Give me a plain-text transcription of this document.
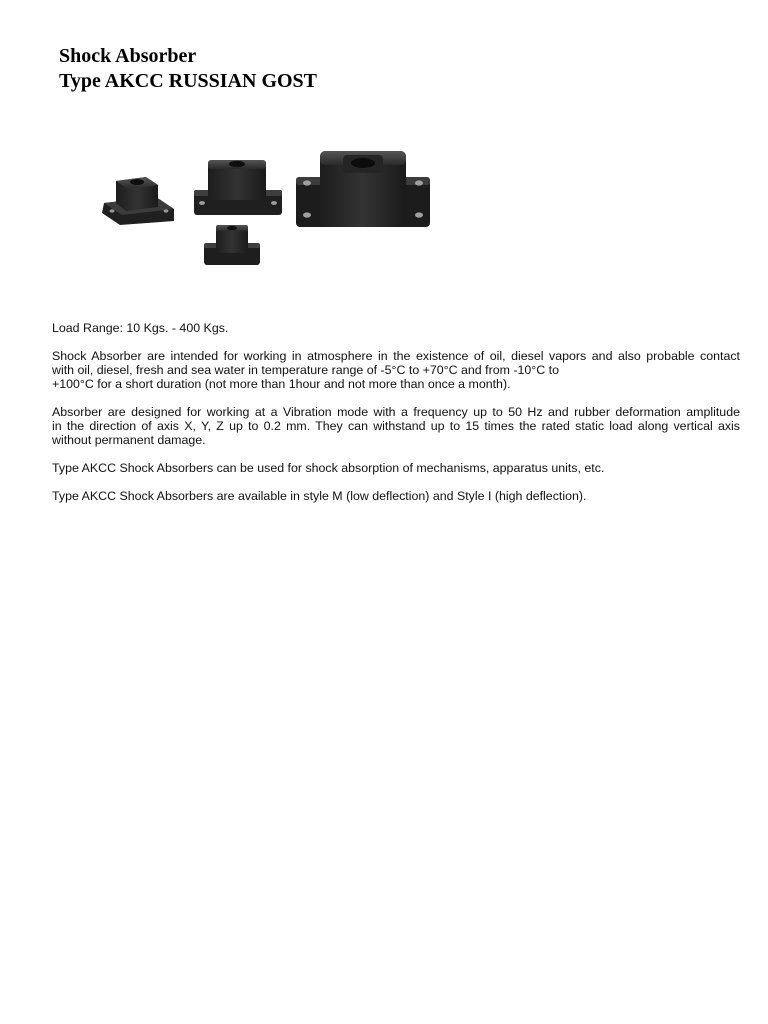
Shock Absorber
Type AKCC RUSSIAN GOST

Load Range: 10 Kgs. - 400 Kgs.

Shock Absorber are intended for working in atmosphere in the existence of oil, diesel vapors and also probable contact
with oil, diesel, fresh and sea water in temperature range of -5°C to +70°C and from -10°C to
+100°C for a short duration (not more than 1hour and not more than once a month).

Absorber are designed for working at a Vibration mode with a frequency up to 50 Hz and rubber deformation amplitude
in the direction of axis X, Y, Z up to 0.2 mm. They can withstand up to 15 times the rated static load along vertical axis
without permanent damage.

Type AKCC Shock Absorbers can be used for shock absorption of mechanisms, apparatus units, etc.

Type AKCC Shock Absorbers are available in style M (low deflection) and Style I (high deflection).
